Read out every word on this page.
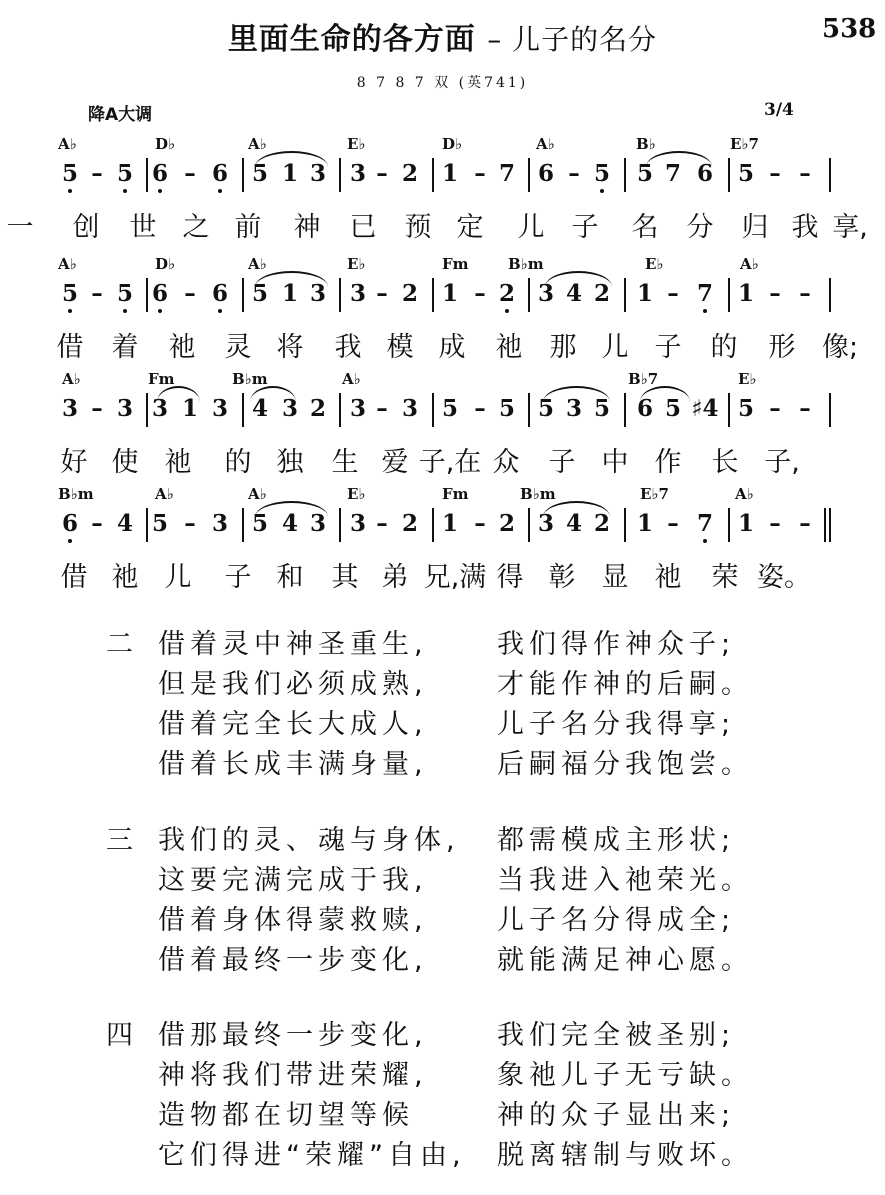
里面生命的各方面 – 儿子的名分	538
8 7 8 7 双 (英741)
降A大调	3/4
A♭	D♭	A♭	E♭	D♭	A♭	B♭	E♭7
5 – 5 6 – 6 5 1 3 3 – 2 1 – 7 6 – 5 5 7 6 5 – –
一 创 世 之 前 神 已 预 定 儿 子 名 分 归 我 享,
A♭	D♭	A♭	E♭	Fm	B♭m	E♭	A♭
5 – 5 6 – 6 5 1 3 3 – 2 1 – 2 3 4 2 1 – 7 1 – –
借 着 祂 灵 将 我 模 成 祂 那 儿 子 的 形 像;
A♭	Fm	B♭m	A♭	B♭7	E♭
3 – 3 3 1 3 4 3 2 3 – 3 5 – 5 5 3 5 6 5 ♯4 5 – –
好 使 祂 的 独 生 爱 子,在 众 子 中 作 长 子,
B♭m	A♭	A♭	E♭	Fm	B♭m	E♭7	A♭
6 – 4 5 – 3 5 4 3 3 – 2 1 – 2 3 4 2 1 – 7 1 – –
借 祂 儿 子 和 其 弟 兄,满 得 彰 显 祂 荣 姿。
二 借着灵中神圣重生,	我们得作神众子;
但是我们必须成熟,	才能作神的后嗣。
借着完全长大成人,	儿子名分我得享;
借着长成丰满身量,	后嗣福分我饱尝。
三 我们的灵、魂与身体, 都需模成主形状;
这要完满完成于我,	当我进入祂荣光。
借着身体得蒙救赎,	儿子名分得成全;
借着最终一步变化,	就能满足神心愿。
四 借那最终一步变化,	我们完全被圣别;
神将我们带进荣耀,	象祂儿子无亏缺。
造物都在切望等候	神的众子显出来;
它们得进“荣耀”自由, 脱离辖制与败坏。
